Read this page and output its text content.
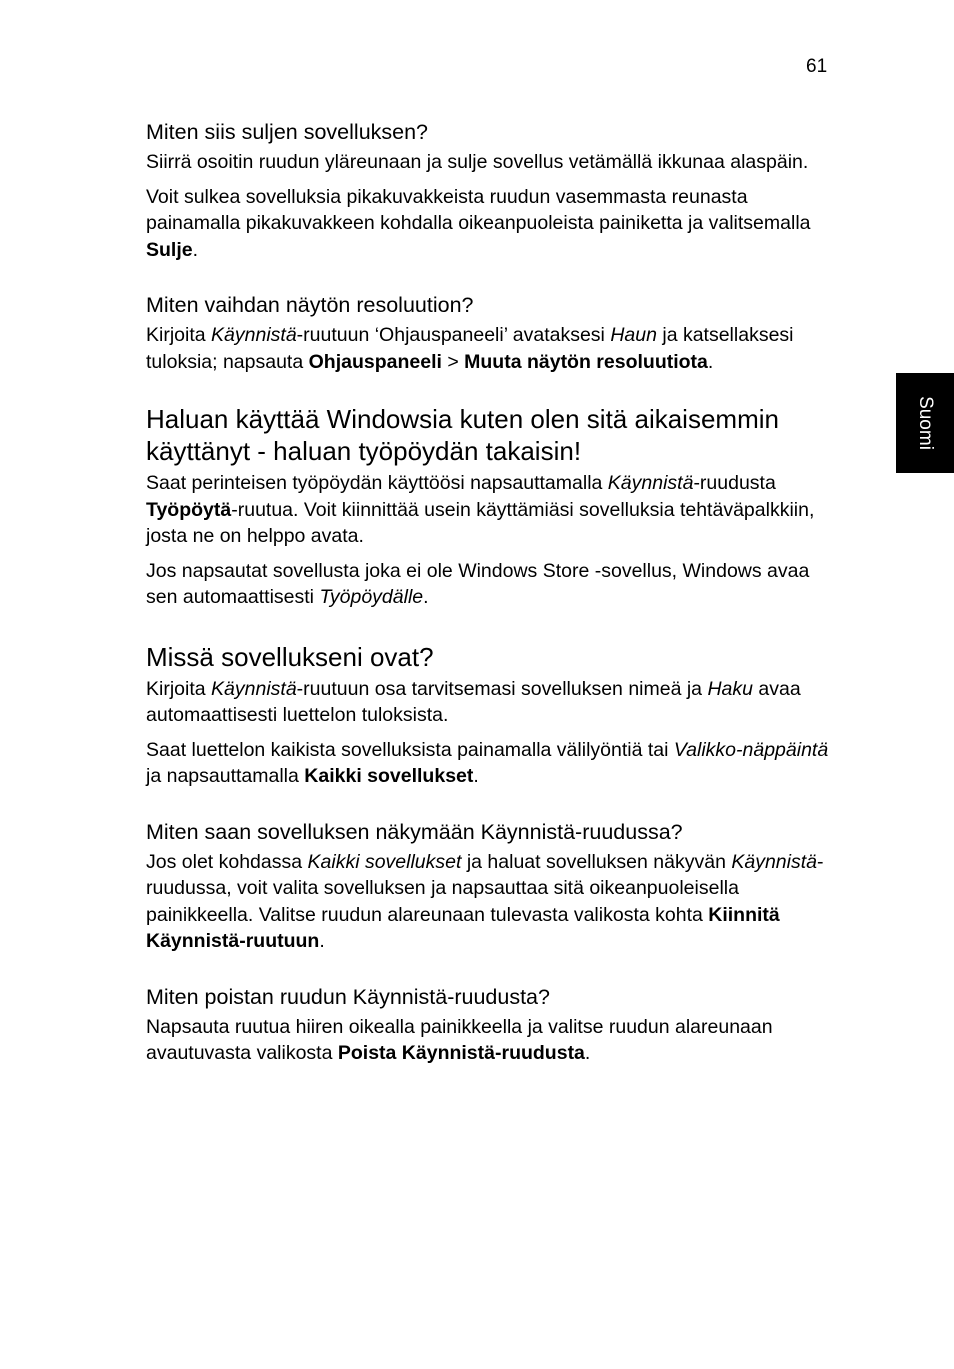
61
Suomi
Miten siis suljen sovelluksen?

Siirrä osoitin ruudun yläreunaan ja sulje sovellus vetämällä ikkunaa alaspäin.

Voit sulkea sovelluksia pikakuvakkeista ruudun vasemmasta reunasta painamalla pikakuvakkeen kohdalla oikeanpuoleista painiketta ja valitsemalla Sulje.

Miten vaihdan näytön resoluution?

Kirjoita Käynnistä-ruutuun ‘Ohjauspaneeli’ avataksesi Haun ja katsellaksesi tuloksia; napsauta Ohjauspaneeli > Muuta näytön resoluutiota.

Haluan käyttää Windowsia kuten olen sitä aikaisemmin käyttänyt - haluan työpöydän takaisin!

Saat perinteisen työpöydän käyttöösi napsauttamalla Käynnistä-ruudusta Työpöytä-ruutua. Voit kiinnittää usein käyttämiäsi sovelluksia tehtäväpalkkiin, josta ne on helppo avata.

Jos napsautat sovellusta joka ei ole Windows Store -sovellus, Windows avaa sen automaattisesti Työpöydälle.

Missä sovellukseni ovat?

Kirjoita Käynnistä-ruutuun osa tarvitsemasi sovelluksen nimeä ja Haku avaa automaattisesti luettelon tuloksista.

Saat luettelon kaikista sovelluksista painamalla välilyöntiä tai Valikko-näppäintä ja napsauttamalla Kaikki sovellukset.

Miten saan sovelluksen näkymään Käynnistä-ruudussa?

Jos olet kohdassa Kaikki sovellukset ja haluat sovelluksen näkyvän Käynnistä-ruudussa, voit valita sovelluksen ja napsauttaa sitä oikeanpuoleisella painikkeella. Valitse ruudun alareunaan tulevasta valikosta kohta Kiinnitä Käynnistä-ruutuun.

Miten poistan ruudun Käynnistä-ruudusta?

Napsauta ruutua hiiren oikealla painikkeella ja valitse ruudun alareunaan avautuvasta valikosta Poista Käynnistä-ruudusta.
